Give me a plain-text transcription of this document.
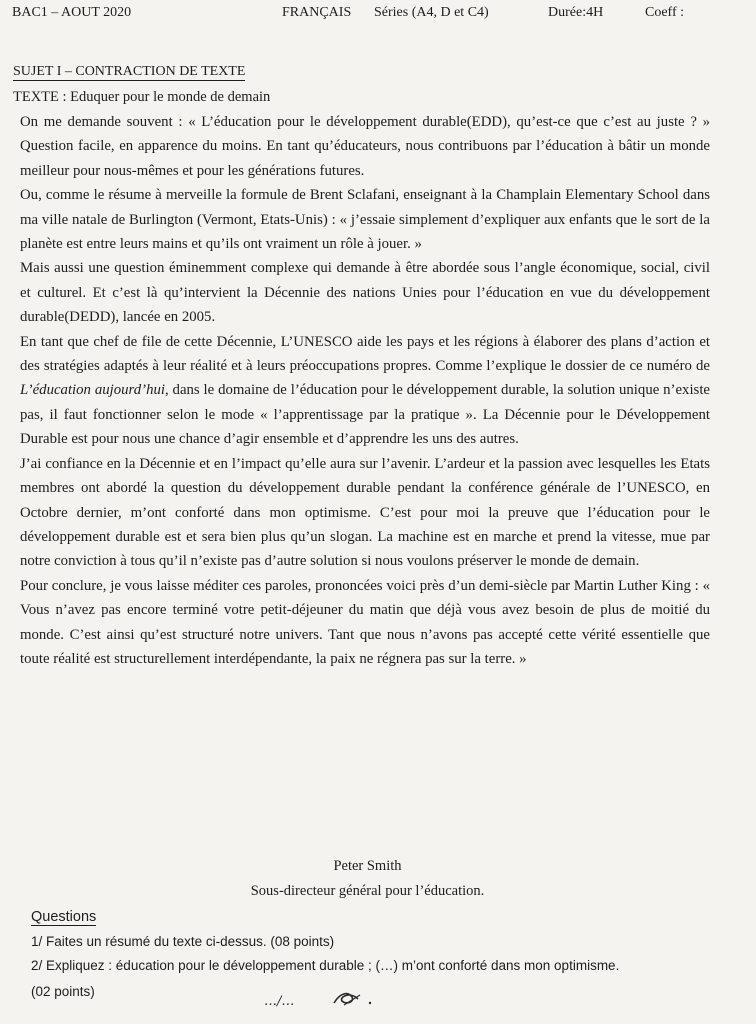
BAC1 – AOUT 2020	FRANÇAIS Séries (A4, D et C4)	Durée:4H	Coeff :
SUJET I – CONTRACTION DE TEXTE
TEXTE : Eduquer pour le monde de demain

On me demande souvent : « L’éducation pour le développement durable(EDD), qu’est-ce que c’est au juste ? » Question facile, en apparence du moins. En tant qu’éducateurs, nous contribuons par l’éducation à bâtir un monde meilleur pour nous-mêmes et pour les générations futures.

Ou, comme le résume à merveille la formule de Brent Sclafani, enseignant à la Champlain Elementary School dans ma ville natale de Burlington (Vermont, Etats-Unis) : « j’essaie simplement d’expliquer aux enfants que le sort de la planète est entre leurs mains et qu’ils ont vraiment un rôle à jouer. »

Mais aussi une question éminemment complexe qui demande à être abordée sous l’angle économique, social, civil et culturel. Et c’est là qu’intervient la Décennie des nations Unies pour l’éducation en vue du développement durable(DEDD), lancée en 2005.

En tant que chef de file de cette Décennie, L’UNESCO aide les pays et les régions à élaborer des plans d’action et des stratégies adaptés à leur réalité et à leurs préoccupations propres. Comme l’explique le dossier de ce numéro de L’éducation aujourd’hui, dans le domaine de l’éducation pour le développement durable, la solution unique n’existe pas, il faut fonctionner selon le mode « l’apprentissage par la pratique ». La Décennie pour le Développement Durable est pour nous une chance d’agir ensemble et d’apprendre les uns des autres.

J’ai confiance en la Décennie et en l’impact qu’elle aura sur l’avenir. L’ardeur et la passion avec lesquelles les Etats membres ont abordé la question du développement durable pendant la conférence générale de l’UNESCO, en Octobre dernier, m’ont conforté dans mon optimisme. C’est pour moi la preuve que l’éducation pour le développement durable est et sera bien plus qu’un slogan. La machine est en marche et prend la vitesse, mue par notre conviction à tous qu’il n’existe pas d’autre solution si nous voulons préserver le monde de demain.

Pour conclure, je vous laisse méditer ces paroles, prononcées voici près d’un demi-siècle par Martin Luther King : « Vous n’avez pas encore terminé votre petit-déjeuner du matin que déjà vous avez besoin de plus de moitié du monde. C’est ainsi qu’est structuré notre univers. Tant que nous n’avons pas accepté cette vérité essentielle que toute réalité est structurellement interdépendante, la paix ne régnera pas sur la terre. »

Peter Smith
Sous-directeur général pour l’éducation.
Questions
1/ Faites un résumé du texte ci-dessus. (08 points)
2/ Expliquez : éducation pour le développement durable ; (…) m’ont conforté dans mon optimisme.
(02 points)
…/…
